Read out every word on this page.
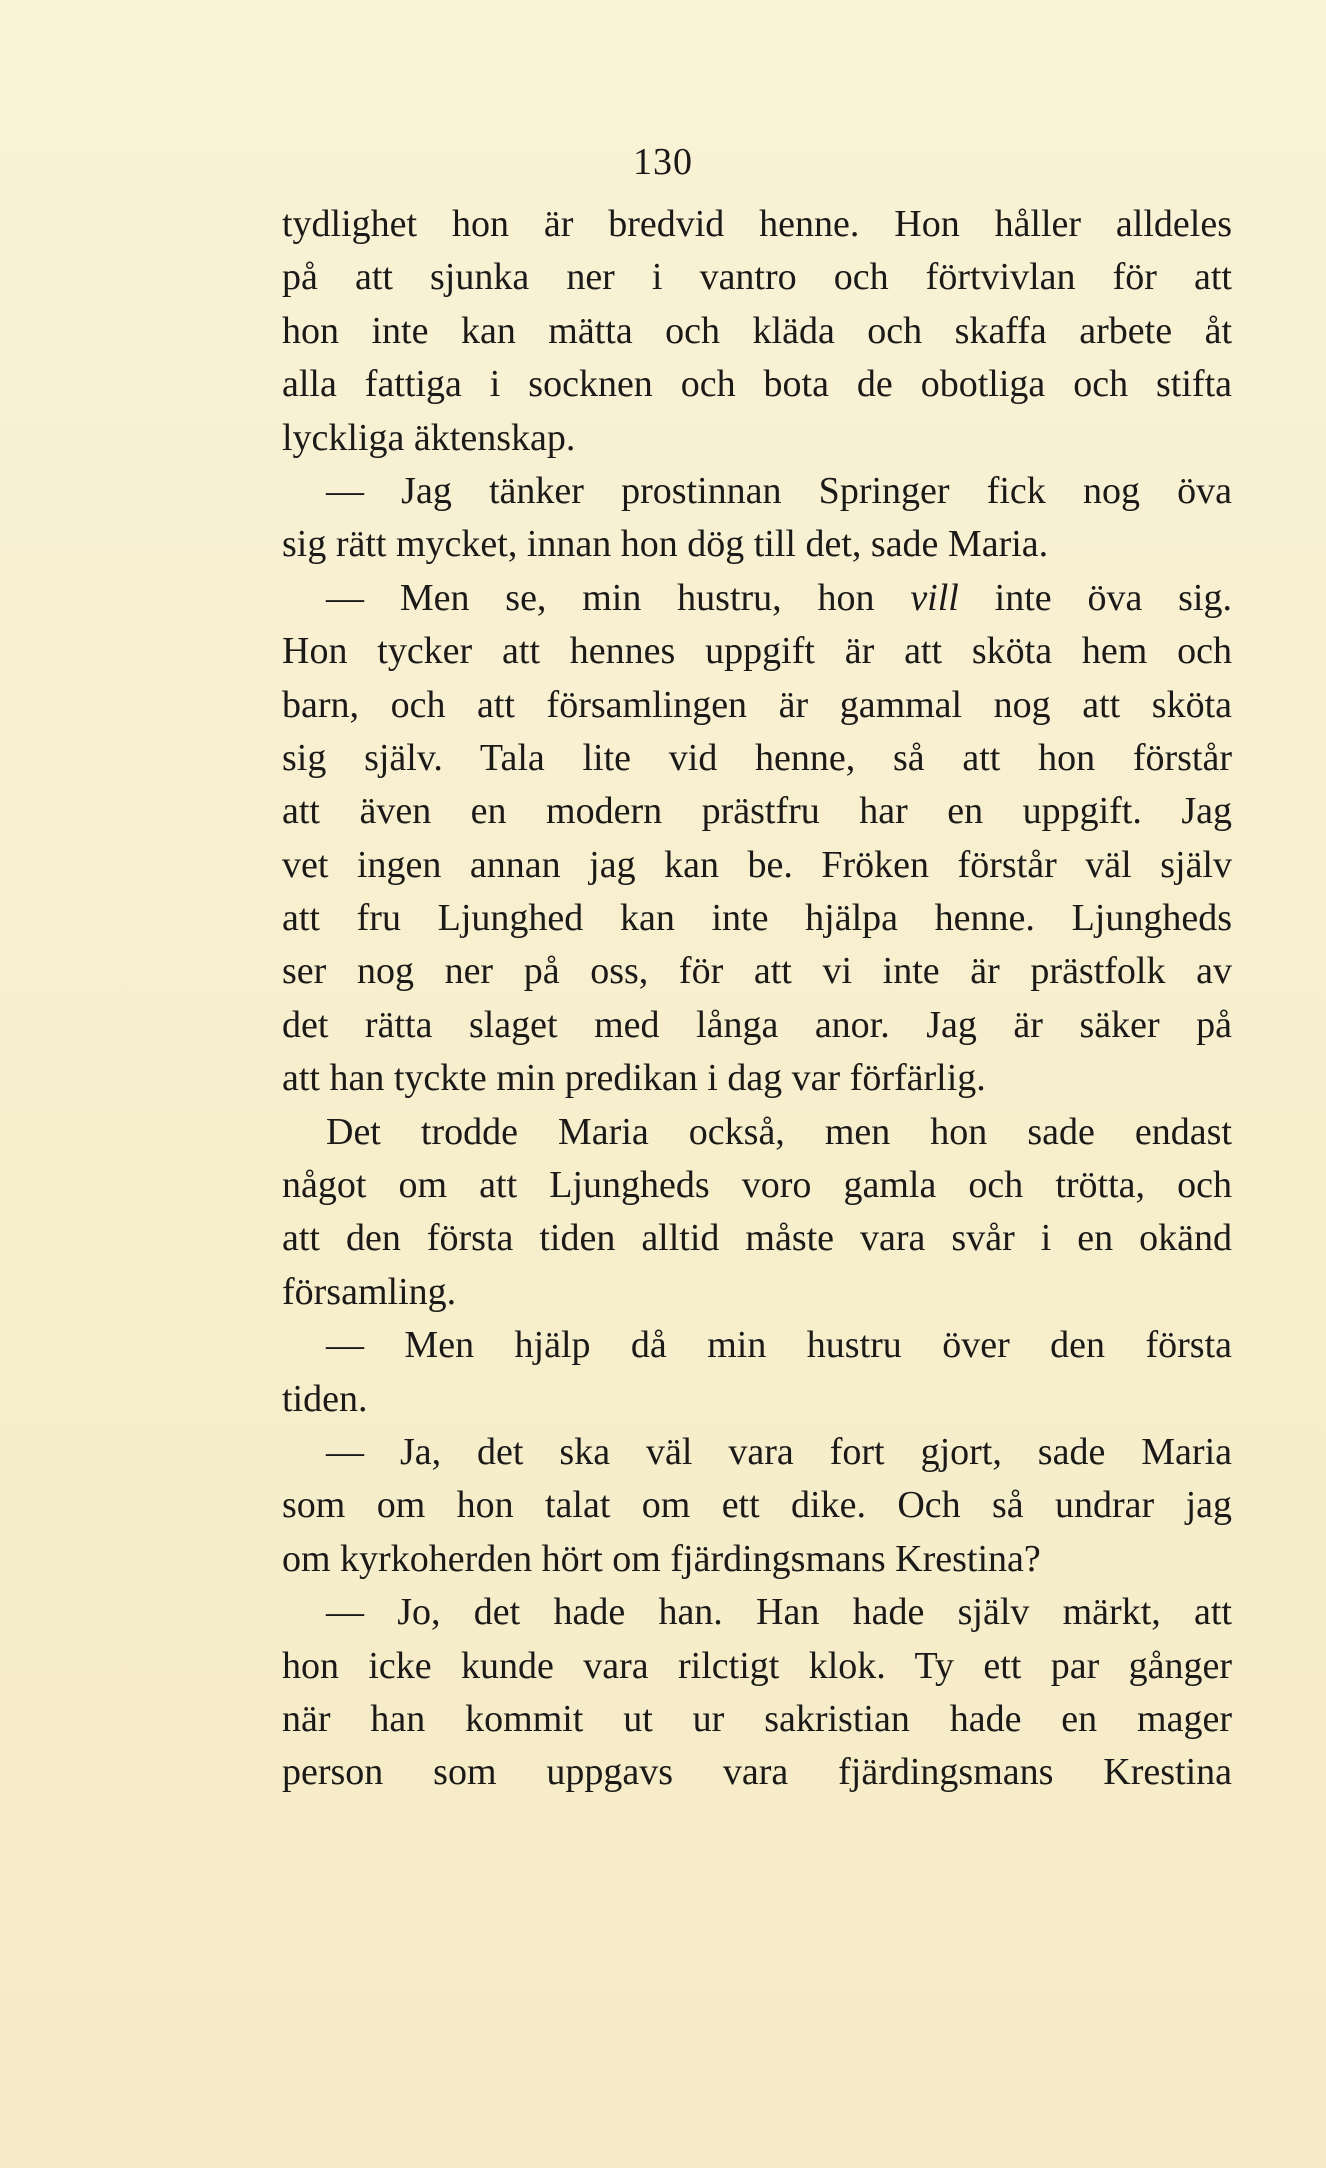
130
tydlighet hon är bredvid henne. Hon håller alldeles
på att sjunka ner i vantro och förtvivlan för att
hon inte kan mätta och kläda och skaffa arbete åt
alla fattiga i socknen och bota de obotliga och stifta
lyckliga äktenskap.
— Jag tänker prostinnan Springer fick nog öva
sig rätt mycket, innan hon dög till det, sade Maria.
— Men se, min hustru, hon vill inte öva sig.
Hon tycker att hennes uppgift är att sköta hem och
barn, och att församlingen är gammal nog att sköta
sig själv. Tala lite vid henne, så att hon förstår
att även en modern prästfru har en uppgift. Jag
vet ingen annan jag kan be. Fröken förstår väl själv
att fru Ljunghed kan inte hjälpa henne. Ljungheds
ser nog ner på oss, för att vi inte är prästfolk av
det rätta slaget med långa anor. Jag är säker på
att han tyckte min predikan i dag var förfärlig.
Det trodde Maria också, men hon sade endast
något om att Ljungheds voro gamla och trötta, och
att den första tiden alltid måste vara svår i en okänd
församling.
— Men hjälp då min hustru över den första
tiden.
— Ja, det ska väl vara fort gjort, sade Maria
som om hon talat om ett dike. Och så undrar jag
om kyrkoherden hört om fjärdingsmans Krestina?
— Jo, det hade han. Han hade själv märkt, att
hon icke kunde vara rilctigt klok. Ty ett par gånger
när han kommit ut ur sakristian hade en mager
person som uppgavs vara fjärdingsmans Krestina
